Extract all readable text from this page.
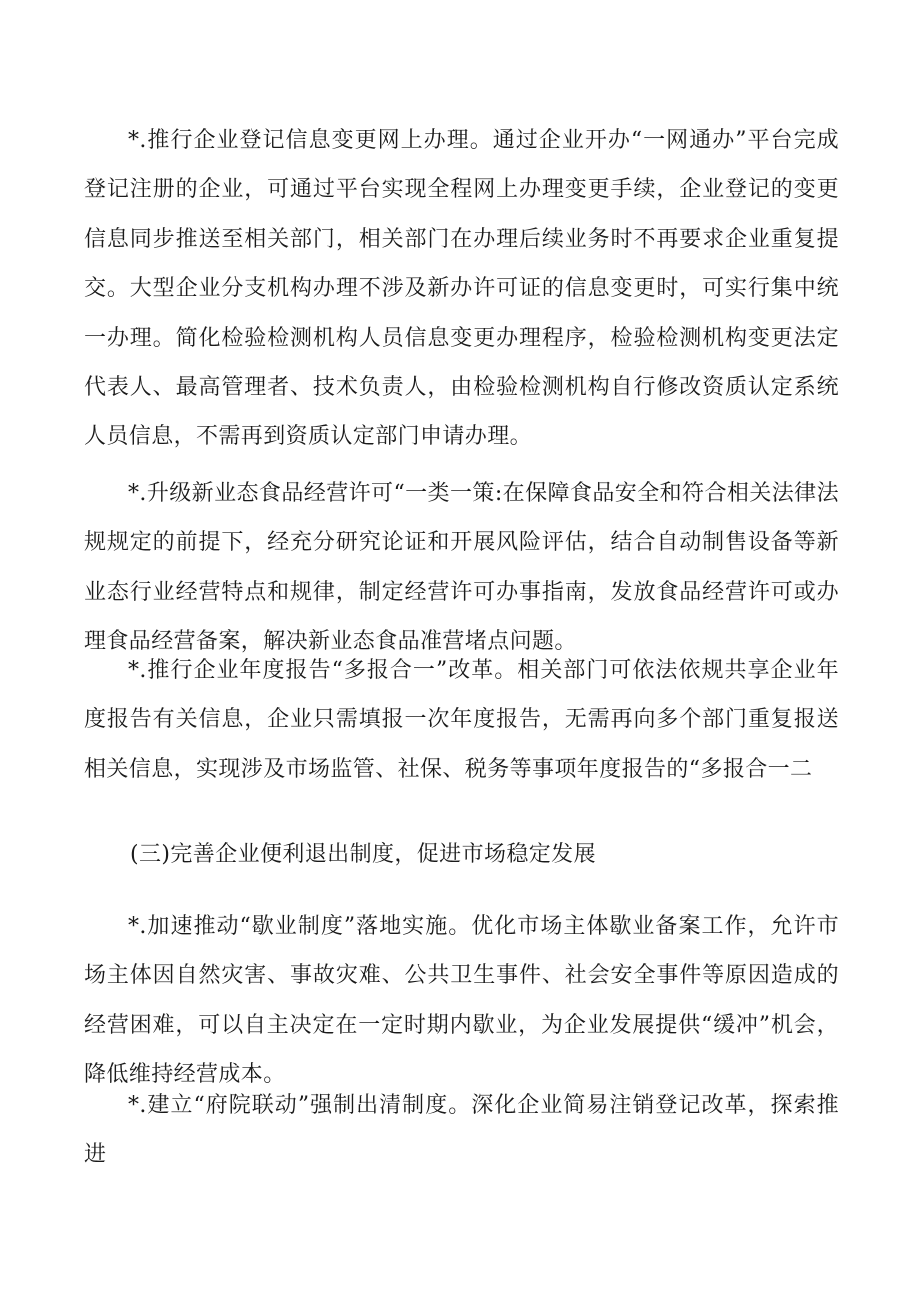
*.推行企业登记信息变更网上办理。通过企业开办“一网通办”平台完成登记注册的企业，可通过平台实现全程网上办理变更手续，企业登记的变更信息同步推送至相关部门，相关部门在办理后续业务时不再要求企业重复提交。大型企业分支机构办理不涉及新办许可证的信息变更时，可实行集中统一办理。简化检验检测机构人员信息变更办理程序，检验检测机构变更法定代表人、最高管理者、技术负责人，由检验检测机构自行修改资质认定系统人员信息，不需再到资质认定部门申请办理。

*.升级新业态食品经营许可“一类一策:在保障食品安全和符合相关法律法规规定的前提下，经充分研究论证和开展风险评估，结合自动制售设备等新业态行业经营特点和规律，制定经营许可办事指南，发放食品经营许可或办理食品经营备案，解决新业态食品准营堵点问题。

*.推行企业年度报告“多报合一”改革。相关部门可依法依规共享企业年度报告有关信息，企业只需填报一次年度报告，无需再向多个部门重复报送相关信息，实现涉及市场监管、社保、税务等事项年度报告的“多报合一二

(三)完善企业便利退出制度，促进市场稳定发展

*.加速推动“歇业制度”落地实施。优化市场主体歇业备案工作，允许市场主体因自然灾害、事故灾难、公共卫生事件、社会安全事件等原因造成的经营困难，可以自主决定在一定时期内歇业，为企业发展提供“缓冲”机会，降低维持经营成本。

*.建立“府院联动”强制出清制度。深化企业简易注销登记改革，探索推进
